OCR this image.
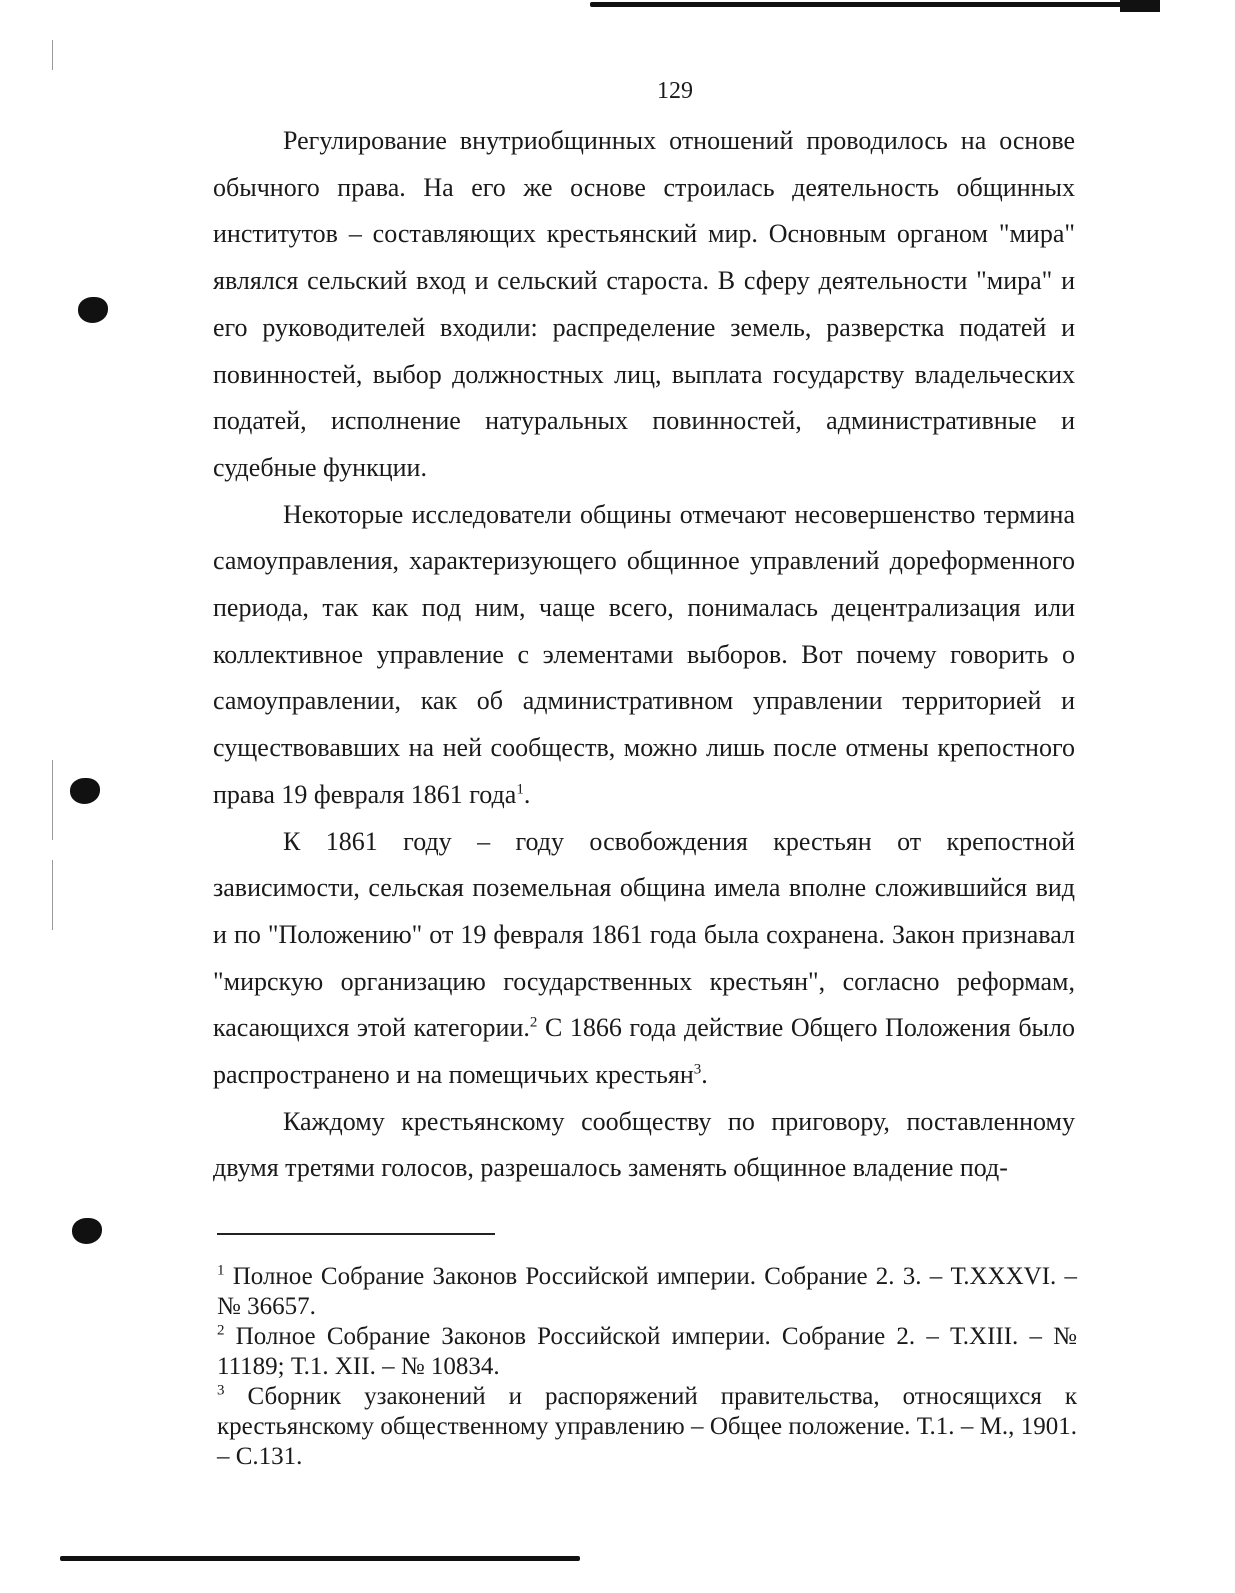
129

Регулирование внутриобщинных отношений проводилось на основе обычного права. На его же основе строилась деятельность общинных институтов – составляющих крестьянский мир. Основным органом "мира" являлся сельский вход и сельский староста. В сферу деятельности "мира" и его руководителей входили: распределение земель, разверстка податей и повинностей, выбор должностных лиц, выплата государству владельческих податей, исполнение натуральных повинностей, административные и судебные функции.

Некоторые исследователи общины отмечают несовершенство термина самоуправления, характеризующего общинное управлений дореформенного периода, так как под ним, чаще всего, понималась децентрализация или коллективное управление с элементами выборов. Вот почему говорить о самоуправлении, как об административном управлении территорией и существовавших на ней сообществ, можно лишь после отмены крепостного права 19 февраля 1861 года$^1$.

К 1861 году – году освобождения крестьян от крепостной зависимости, сельская поземельная община имела вполне сложившийся вид и по "Положению" от 19 февраля 1861 года была сохранена. Закон признавал "мирскую организацию государственных крестьян", согласно реформам, касающихся этой категории.$^2$ С 1866 года действие Общего Положения было распространено и на помещичьих крестьян$^3$.

Каждому крестьянскому сообществу по приговору, поставленному двумя третями голосов, разрешалось заменять общинное владение под-

$^1$ Полное Собрание Законов Российской империи. Собрание 2. 3. – Т.XXXVI. – № 36657.

$^2$ Полное Собрание Законов Российской империи. Собрание 2. – Т.XIII. – № 11189; Т.1. XII. – № 10834.

$^3$ Сборник узаконений и распоряжений правительства, относящихся к крестьянскому общественному управлению – Общее положение. Т.1. – М., 1901. – С.131.
